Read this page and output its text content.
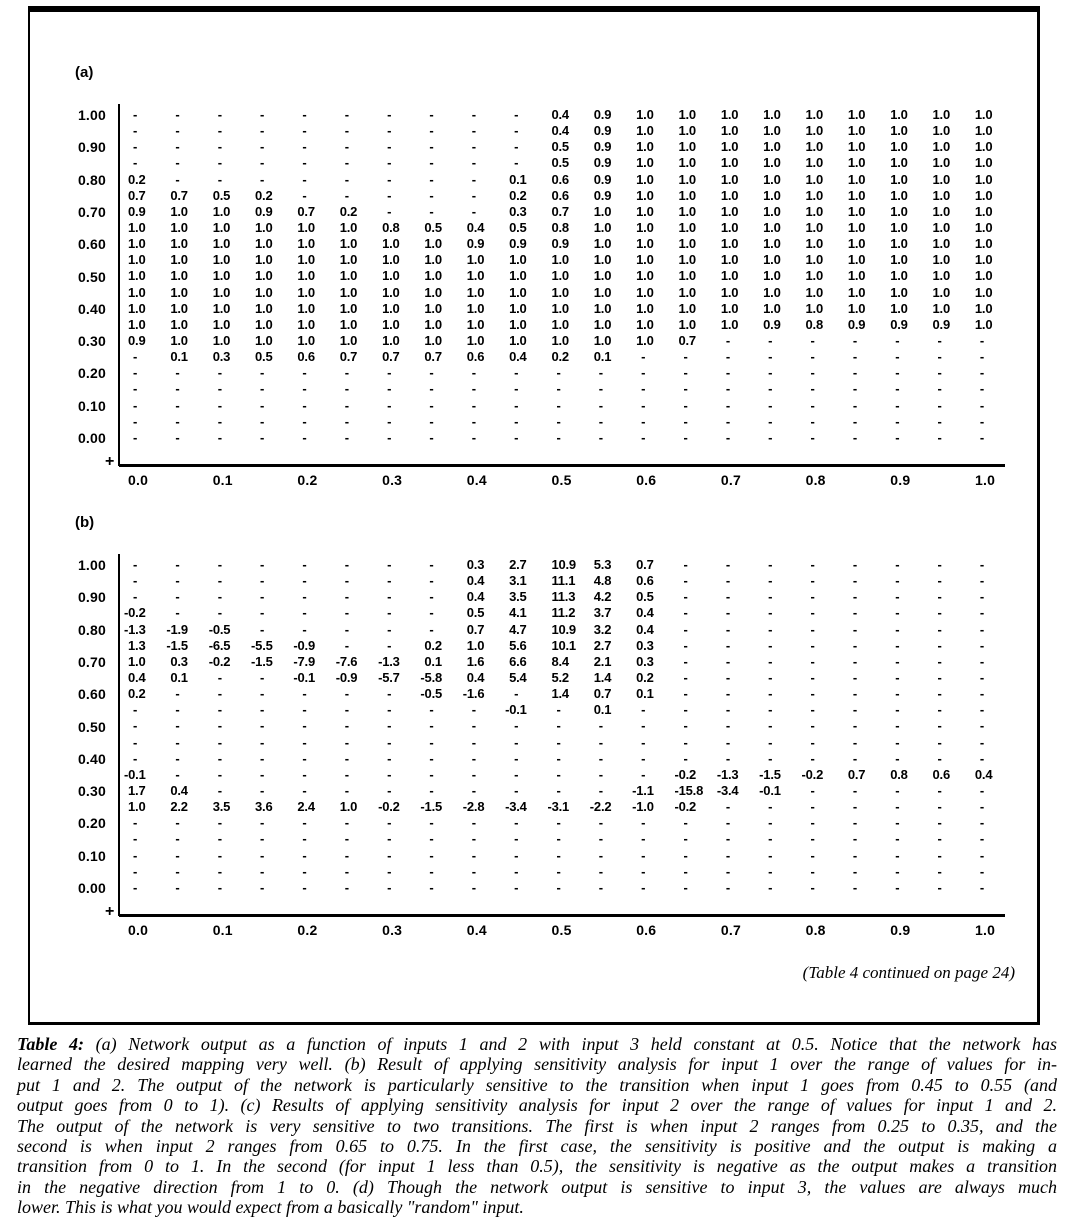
(a)
1.00
0.90
0.80
0.70
0.60
0.50
0.40
0.30
0.20
0.10
0.00
-	-	-	-	-	-	-	-	-	-	0.4	0.9	1.0	1.0	1.0	1.0	1.0	1.0	1.0	1.0	1.0
-	-	-	-	-	-	-	-	-	-	0.4	0.9	1.0	1.0	1.0	1.0	1.0	1.0	1.0	1.0	1.0
-	-	-	-	-	-	-	-	-	-	0.5	0.9	1.0	1.0	1.0	1.0	1.0	1.0	1.0	1.0	1.0
-	-	-	-	-	-	-	-	-	-	0.5	0.9	1.0	1.0	1.0	1.0	1.0	1.0	1.0	1.0	1.0
0.2	-	-	-	-	-	-	-	-	0.1	0.6	0.9	1.0	1.0	1.0	1.0	1.0	1.0	1.0	1.0	1.0
0.7	0.7	0.5	0.2	-	-	-	-	-	0.2	0.6	0.9	1.0	1.0	1.0	1.0	1.0	1.0	1.0	1.0	1.0
0.9	1.0	1.0	0.9	0.7	0.2	-	-	-	0.3	0.7	1.0	1.0	1.0	1.0	1.0	1.0	1.0	1.0	1.0	1.0
1.0	1.0	1.0	1.0	1.0	1.0	0.8	0.5	0.4	0.5	0.8	1.0	1.0	1.0	1.0	1.0	1.0	1.0	1.0	1.0	1.0
1.0	1.0	1.0	1.0	1.0	1.0	1.0	1.0	0.9	0.9	0.9	1.0	1.0	1.0	1.0	1.0	1.0	1.0	1.0	1.0	1.0
1.0	1.0	1.0	1.0	1.0	1.0	1.0	1.0	1.0	1.0	1.0	1.0	1.0	1.0	1.0	1.0	1.0	1.0	1.0	1.0	1.0
1.0	1.0	1.0	1.0	1.0	1.0	1.0	1.0	1.0	1.0	1.0	1.0	1.0	1.0	1.0	1.0	1.0	1.0	1.0	1.0	1.0
1.0	1.0	1.0	1.0	1.0	1.0	1.0	1.0	1.0	1.0	1.0	1.0	1.0	1.0	1.0	1.0	1.0	1.0	1.0	1.0	1.0
1.0	1.0	1.0	1.0	1.0	1.0	1.0	1.0	1.0	1.0	1.0	1.0	1.0	1.0	1.0	1.0	1.0	1.0	1.0	1.0	1.0
1.0	1.0	1.0	1.0	1.0	1.0	1.0	1.0	1.0	1.0	1.0	1.0	1.0	1.0	1.0	0.9	0.8	0.9	0.9	0.9	1.0
0.9	1.0	1.0	1.0	1.0	1.0	1.0	1.0	1.0	1.0	1.0	1.0	1.0	0.7	-	-	-	-	-	-	-
-	0.1	0.3	0.5	0.6	0.7	0.7	0.7	0.6	0.4	0.2	0.1	-	-	-	-	-	-	-	-	-
-	-	-	-	-	-	-	-	-	-	-	-	-	-	-	-	-	-	-	-	-
-	-	-	-	-	-	-	-	-	-	-	-	-	-	-	-	-	-	-	-	-
-	-	-	-	-	-	-	-	-	-	-	-	-	-	-	-	-	-	-	-	-
-	-	-	-	-	-	-	-	-	-	-	-	-	-	-	-	-	-	-	-	-
-	-	-	-	-	-	-	-	-	-	-	-	-	-	-	-	-	-	-	-	-
+
0.0	0.1	0.2	0.3	0.4	0.5	0.6	0.7	0.8	0.9	1.0
(b)
1.00
0.90
0.80
0.70
0.60
0.50
0.40
0.30
0.20
0.10
0.00
-	-	-	-	-	-	-	-	0.3	2.7	10.9	5.3	0.7	-	-	-	-	-	-	-	-
-	-	-	-	-	-	-	-	0.4	3.1	11.1	4.8	0.6	-	-	-	-	-	-	-	-
-	-	-	-	-	-	-	-	0.4	3.5	11.3	4.2	0.5	-	-	-	-	-	-	-	-
-0.2	-	-	-	-	-	-	-	0.5	4.1	11.2	3.7	0.4	-	-	-	-	-	-	-	-
-1.3	-1.9	-0.5	-	-	-	-	-	0.7	4.7	10.9	3.2	0.4	-	-	-	-	-	-	-	-
1.3	-1.5	-6.5	-5.5	-0.9	-	-	0.2	1.0	5.6	10.1	2.7	0.3	-	-	-	-	-	-	-	-
1.0	0.3	-0.2	-1.5	-7.9	-7.6	-1.3	0.1	1.6	6.6	8.4	2.1	0.3	-	-	-	-	-	-	-	-
0.4	0.1	-	-	-0.1	-0.9	-5.7	-5.8	0.4	5.4	5.2	1.4	0.2	-	-	-	-	-	-	-	-
0.2	-	-	-	-	-	-	-0.5	-1.6	-	1.4	0.7	0.1	-	-	-	-	-	-	-	-
-	-	-	-	-	-	-	-	-	-0.1	-	0.1	-	-	-	-	-	-	-	-	-
-	-	-	-	-	-	-	-	-	-	-	-	-	-	-	-	-	-	-	-	-
-	-	-	-	-	-	-	-	-	-	-	-	-	-	-	-	-	-	-	-	-
-	-	-	-	-	-	-	-	-	-	-	-	-	-	-	-	-	-	-	-	-
-0.1	-	-	-	-	-	-	-	-	-	-	-	-	-0.2	-1.3	-1.5	-0.2	0.7	0.8	0.6	0.4
1.7	0.4	-	-	-	-	-	-	-	-	-	-	-1.1	-15.8	-3.4	-0.1	-	-	-	-	-
1.0	2.2	3.5	3.6	2.4	1.0	-0.2	-1.5	-2.8	-3.4	-3.1	-2.2	-1.0	-0.2	-	-	-	-	-	-	-
-	-	-	-	-	-	-	-	-	-	-	-	-	-	-	-	-	-	-	-	-
-	-	-	-	-	-	-	-	-	-	-	-	-	-	-	-	-	-	-	-	-
-	-	-	-	-	-	-	-	-	-	-	-	-	-	-	-	-	-	-	-	-
-	-	-	-	-	-	-	-	-	-	-	-	-	-	-	-	-	-	-	-	-
-	-	-	-	-	-	-	-	-	-	-	-	-	-	-	-	-	-	-	-	-
+
0.0	0.1	0.2	0.3	0.4	0.5	0.6	0.7	0.8	0.9	1.0
(Table 4 continued on page 24)
Table 4: (a) Network output as a function of inputs 1 and 2 with input 3 held constant at 0.5. Notice that the network has
learned the desired mapping very well. (b) Result of applying sensitivity analysis for input 1 over the range of values for in-
put 1 and 2. The output of the network is particularly sensitive to the transition when input 1 goes from 0.45 to 0.55 (and
output goes from 0 to 1). (c) Results of applying sensitivity analysis for input 2 over the range of values for input 1 and 2.
The output of the network is very sensitive to two transitions. The first is when input 2 ranges from 0.25 to 0.35, and the
second is when input 2 ranges from 0.65 to 0.75. In the first case, the sensitivity is positive and the output is making a
transition from 0 to 1. In the second (for input 1 less than 0.5), the sensitivity is negative as the output makes a transition
in the negative direction from 1 to 0. (d) Though the network output is sensitive to input 3, the values are always much
lower. This is what you would expect from a basically "random" input.
